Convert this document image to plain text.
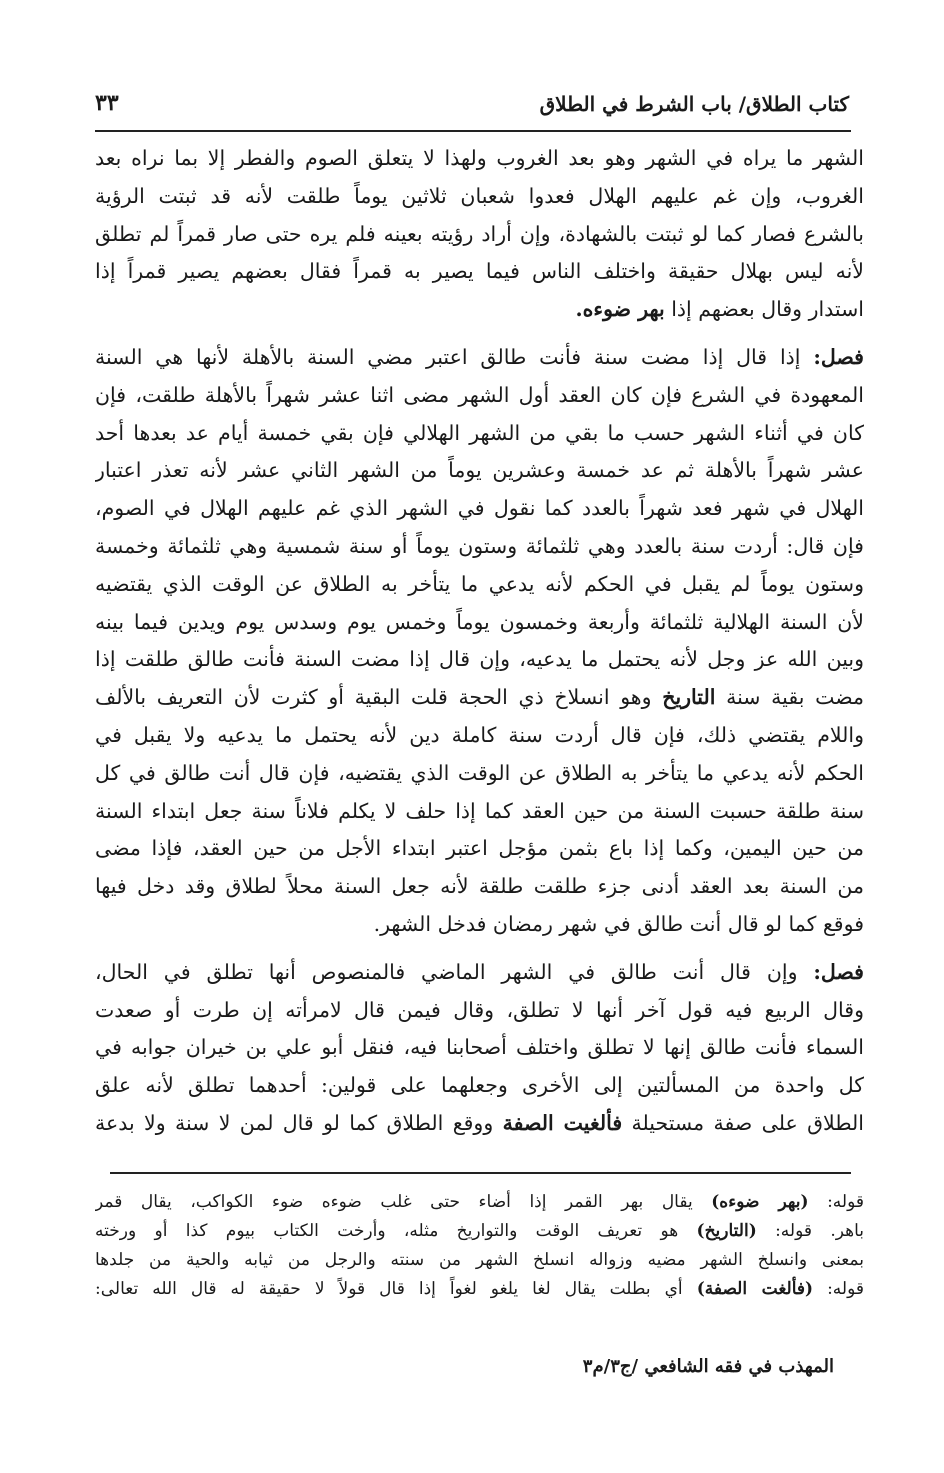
كتاب الطلاق/ باب الشرط في الطلاق
٣٣
الشهر ما يراه في الشهر وهو بعد الغروب ولهذا لا يتعلق الصوم والفطر إلا بما نراه بعد
الغروب، وإن غم عليهم الهلال فعدوا شعبان ثلاثين يوماً طلقت لأنه قد ثبتت الرؤية
بالشرع فصار كما لو ثبتت بالشهادة، وإن أراد رؤيته بعينه فلم يره حتى صار قمراً لم تطلق
لأنه ليس بهلال حقيقة واختلف الناس فيما يصير به قمراً فقال بعضهم يصير قمراً إذا
استدار وقال بعضهم إذا بهر ضوءه.
فصل: إذا قال إذا مضت سنة فأنت طالق اعتبر مضي السنة بالأهلة لأنها هي السنة
المعهودة في الشرع فإن كان العقد أول الشهر مضى اثنا عشر شهراً بالأهلة طلقت، فإن
كان في أثناء الشهر حسب ما بقي من الشهر الهلالي فإن بقي خمسة أيام عد بعدها أحد
عشر شهراً بالأهلة ثم عد خمسة وعشرين يوماً من الشهر الثاني عشر لأنه تعذر اعتبار
الهلال في شهر فعد شهراً بالعدد كما نقول في الشهر الذي غم عليهم الهلال في الصوم،
فإن قال: أردت سنة بالعدد وهي ثلثمائة وستون يوماً أو سنة شمسية وهي ثلثمائة وخمسة
وستون يوماً لم يقبل في الحكم لأنه يدعي ما يتأخر به الطلاق عن الوقت الذي يقتضيه
لأن السنة الهلالية ثلثمائة وأربعة وخمسون يوماً وخمس يوم وسدس يوم ويدين فيما بينه
وبين الله عز وجل لأنه يحتمل ما يدعيه، وإن قال إذا مضت السنة فأنت طالق طلقت إذا
مضت بقية سنة التاريخ وهو انسلاخ ذي الحجة قلت البقية أو كثرت لأن التعريف بالألف
واللام يقتضي ذلك، فإن قال أردت سنة كاملة دين لأنه يحتمل ما يدعيه ولا يقبل في
الحكم لأنه يدعي ما يتأخر به الطلاق عن الوقت الذي يقتضيه، فإن قال أنت طالق في كل
سنة طلقة حسبت السنة من حين العقد كما إذا حلف لا يكلم فلاناً سنة جعل ابتداء السنة
من حين اليمين، وكما إذا باع بثمن مؤجل اعتبر ابتداء الأجل من حين العقد، فإذا مضى
من السنة بعد العقد أدنى جزء طلقت طلقة لأنه جعل السنة محلاً لطلاق وقد دخل فيها
فوقع كما لو قال أنت طالق في شهر رمضان فدخل الشهر.
فصل: وإن قال أنت طالق في الشهر الماضي فالمنصوص أنها تطلق في الحال،
وقال الربيع فيه قول آخر أنها لا تطلق، وقال فيمن قال لامرأته إن طرت أو صعدت
السماء فأنت طالق إنها لا تطلق واختلف أصحابنا فيه، فنقل أبو علي بن خيران جوابه في
كل واحدة من المسألتين إلى الأخرى وجعلهما على قولين: أحدهما تطلق لأنه علق
الطلاق على صفة مستحيلة فألغيت الصفة ووقع الطلاق كما لو قال لمن لا سنة ولا بدعة
قوله: (بهر ضوءه) يقال بهر القمر إذا أضاء حتى غلب ضوءه ضوء الكواكب، يقال قمر
باهر. قوله: (التاريخ) هو تعريف الوقت والتواريخ مثله، وأرخت الكتاب بيوم كذا أو ورخته
بمعنى وانسلخ الشهر مضيه وزواله انسلخ الشهر من سنته والرجل من ثيابه والحية من جلدها
قوله: (فألغت الصفة) أي بطلت يقال لغا يلغو لغواً إذا قال قولاً لا حقيقة له قال الله تعالى:
المهذب في فقه الشافعي /ج٣/م٣
